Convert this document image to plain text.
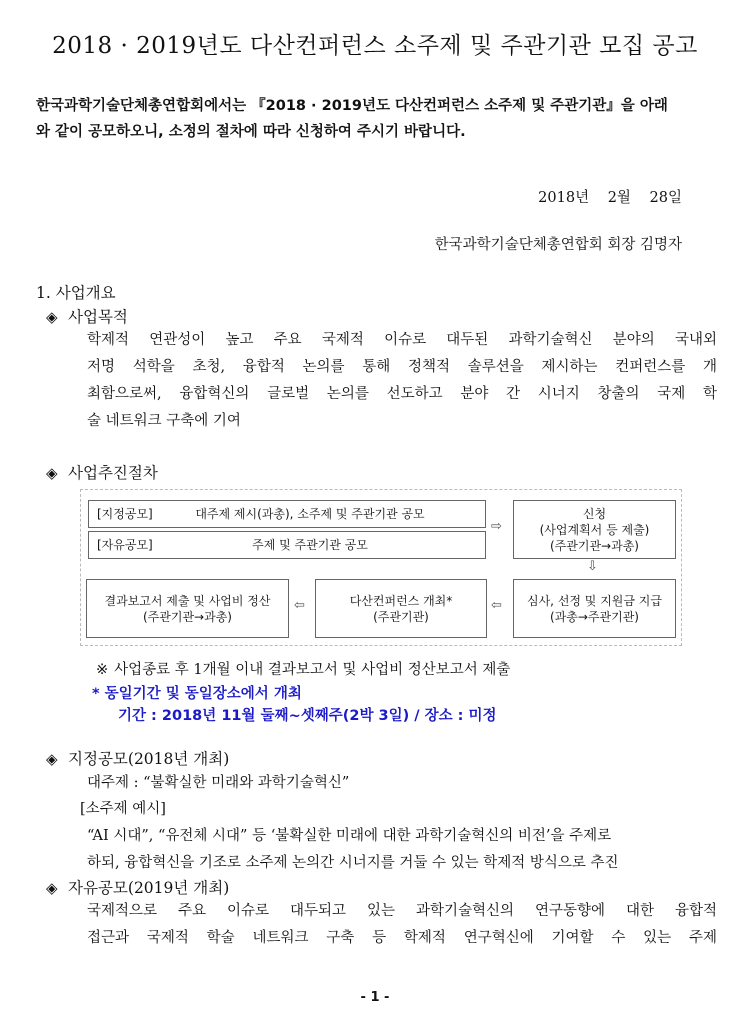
2018 · 2019년도 다산컨퍼런스 소주제 및 주관기관 모집 공고
한국과학기술단체총연합회에서는 『2018 · 2019년도 다산컨퍼런스 소주제 및 주관기관』을 아래
와 같이 공모하오니, 소정의 절차에 따라 신청하여 주시기 바랍니다.
2018년 2월 28일
한국과학기술단체총연합회 회장 김명자
1. 사업개요
◈ 사업목적
학제적 연관성이 높고 주요 국제적 이슈로 대두된 과학기술혁신 분야의 국내외
저명 석학을 초청, 융합적 논의를 통해 정책적 솔루션을 제시하는 컨퍼런스를 개
최함으로써, 융합혁신의 글로벌 논의를 선도하고 분야 간 시너지 창출의 국제 학
술 네트워크 구축에 기여
◈ 사업추진절차
[지정공모]	대주제 제시(과총), 소주제 및 주관기관 공모
[자유공모]	주제 및 주관기관 공모
⇨
신청
(사업계획서 등 제출)
(주관기관→과총)
⇩
결과보고서 제출 및 사업비 정산
(주관기관→과총)
⇦	다산컨퍼런스 개최*
(주관기관)
⇦ 심사, 선정 및 지원금 지급
(과총→주관기관)
※ 사업종료 후 1개월 이내 결과보고서 및 사업비 정산보고서 제출
* 동일기간 및 동일장소에서 개최
기간 : 2018년 11월 둘째~셋째주(2박 3일) / 장소 : 미정
◈ 지정공모(2018년 개최)
대주제 : “불확실한 미래와 과학기술혁신”
[소주제 예시]
“AI 시대”, “유전체 시대” 등 ‘불확실한 미래에 대한 과학기술혁신의 비전’을 주제로
하되, 융합혁신을 기조로 소주제 논의간 시너지를 거둘 수 있는 학제적 방식으로 추진
◈ 자유공모(2019년 개최)
국제적으로 주요 이슈로 대두되고 있는 과학기술혁신의 연구동향에 대한 융합적
접근과 국제적 학술 네트워크 구축 등 학제적 연구혁신에 기여할 수 있는 주제
- 1 -
